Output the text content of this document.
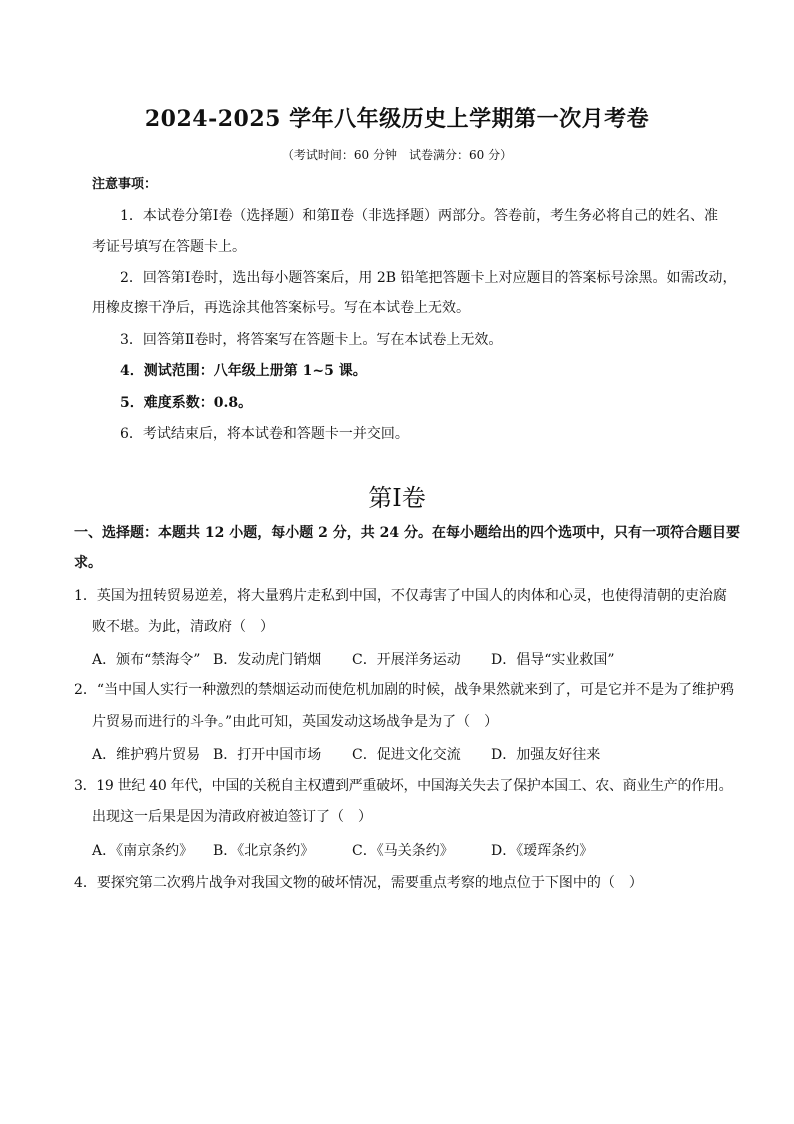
2024-2025 学年八年级历史上学期第一次月考卷
（考试时间：60 分钟　试卷满分：60 分）
注意事项：
1．本试卷分第Ⅰ卷（选择题）和第Ⅱ卷（非选择题）两部分。答卷前，考生务必将自己的姓名、准
考证号填写在答题卡上。
2．回答第Ⅰ卷时，选出每小题答案后，用 2B 铅笔把答题卡上对应题目的答案标号涂黑。如需改动，
用橡皮擦干净后，再选涂其他答案标号。写在本试卷上无效。
3．回答第Ⅱ卷时，将答案写在答题卡上。写在本试卷上无效。
4．测试范围：八年级上册第 1~5 课。
5．难度系数：0.8。
6．考试结束后，将本试卷和答题卡一并交回。
第Ⅰ卷
一、选择题：本题共 12 小题，每小题 2 分，共 24 分。在每小题给出的四个选项中，只有一项符合题目要
求。
1．英国为扭转贸易逆差，将大量鸦片走私到中国，不仅毒害了中国人的肉体和心灵，也使得清朝的吏治腐
败不堪。为此，清政府（　）
A．颁布“禁海令” B．发动虎门销烟 C．开展洋务运动 D．倡导“实业救国”
2．“当中国人实行一种激烈的禁烟运动而使危机加剧的时候，战争果然就来到了，可是它并不是为了维护鸦
片贸易而进行的斗争。”由此可知，英国发动这场战争是为了（　）
A．维护鸦片贸易 B．打开中国市场 C．促进文化交流 D．加强友好往来
3．19 世纪 40 年代，中国的关税自主权遭到严重破坏，中国海关失去了保护本国工、农、商业生产的作用。
出现这一后果是因为清政府被迫签订了（　）
A．《南京条约》 B．《北京条约》	C．《马关条约》	D．《瑷珲条约》
4．要探究第二次鸦片战争对我国文物的破坏情况，需要重点考察的地点位于下图中的（　）
